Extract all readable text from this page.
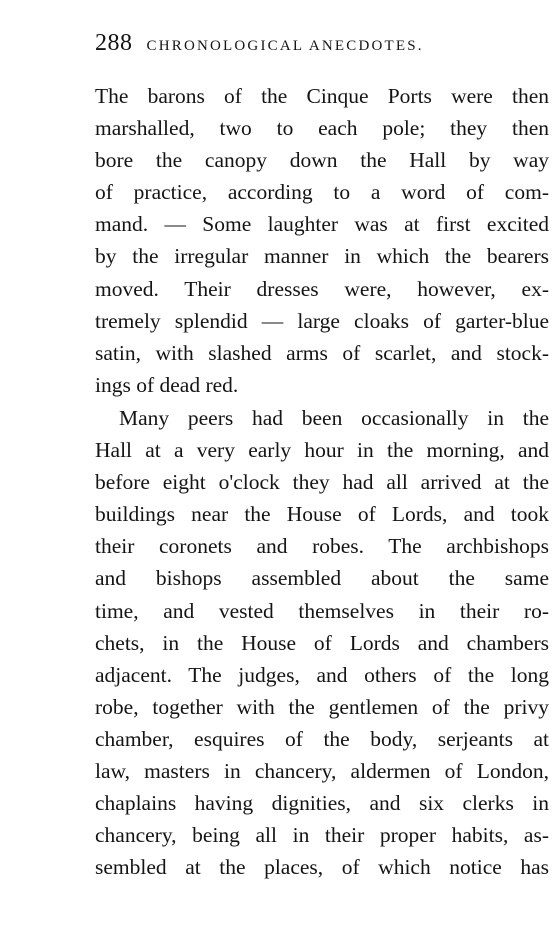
288 CHRONOLOGICAL ANECDOTES.
The barons of the Cinque Ports were then
marshalled, two to each pole; they then
bore the canopy down the Hall by way
of practice, according to a word of com-
mand. — Some laughter was at first excited
by the irregular manner in which the bearers
moved. Their dresses were, however, ex-
tremely splendid — large cloaks of garter-blue
satin, with slashed arms of scarlet, and stock-
ings of dead red.
Many peers had been occasionally in the
Hall at a very early hour in the morning, and
before eight o'clock they had all arrived at the
buildings near the House of Lords, and took
their coronets and robes. The archbishops
and bishops assembled about the same
time, and vested themselves in their ro-
chets, in the House of Lords and chambers
adjacent. The judges, and others of the long
robe, together with the gentlemen of the privy
chamber, esquires of the body, serjeants at
law, masters in chancery, aldermen of London,
chaplains having dignities, and six clerks in
chancery, being all in their proper habits, as-
sembled at the places, of which notice has
